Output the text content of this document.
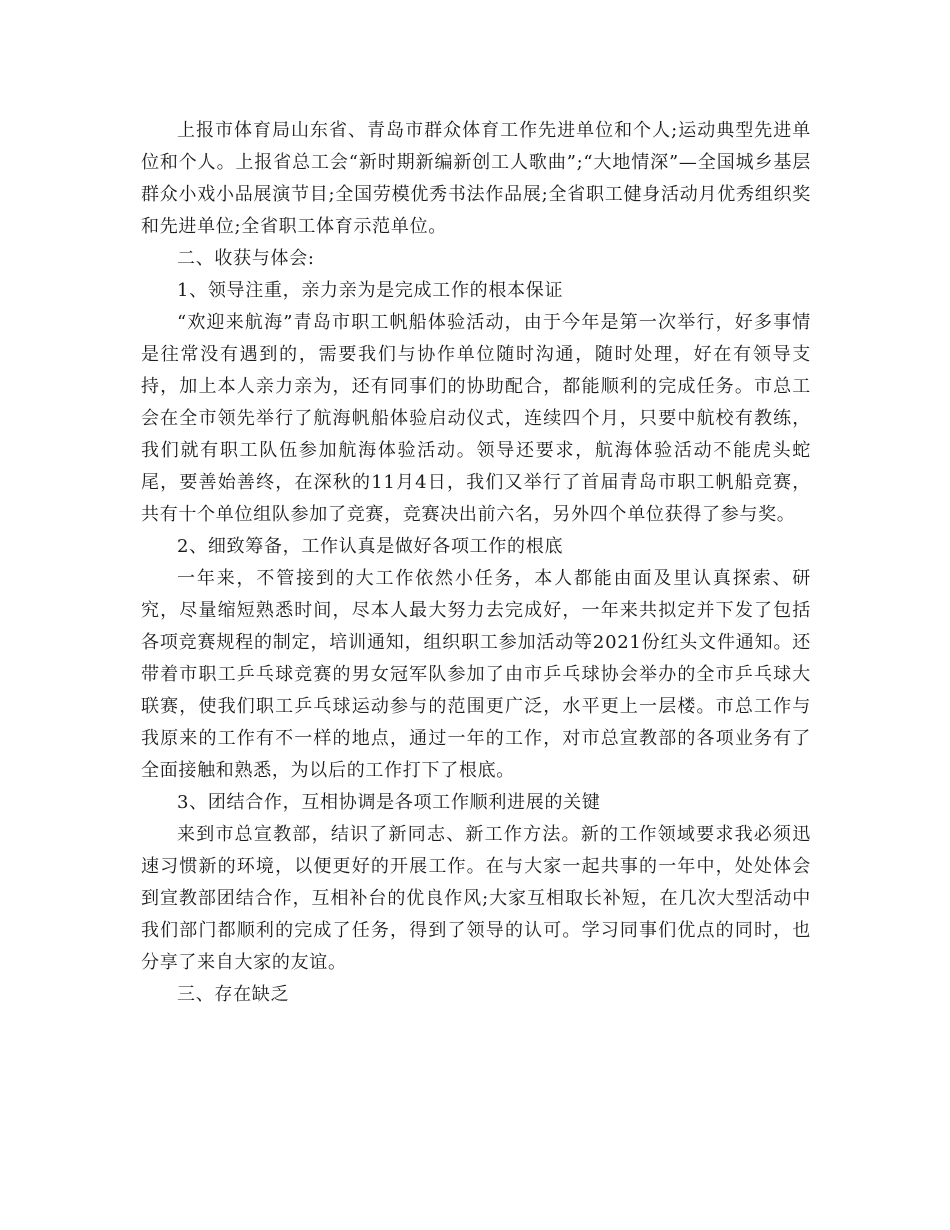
上报市体育局山东省、青岛市群众体育工作先进单位和个人;运动典型先进单位和个人。上报省总工会“新时期新编新创工人歌曲”;“大地情深”—全国城乡基层群众小戏小品展演节目;全国劳模优秀书法作品展;全省职工健身活动月优秀组织奖和先进单位;全省职工体育示范单位。

二、收获与体会:

1、领导注重，亲力亲为是完成工作的根本保证

“欢迎来航海”青岛市职工帆船体验活动，由于今年是第一次举行，好多事情是往常没有遇到的，需要我们与协作单位随时沟通，随时处理，好在有领导支持，加上本人亲力亲为，还有同事们的协助配合，都能顺利的完成任务。市总工会在全市领先举行了航海帆船体验启动仪式，连续四个月，只要中航校有教练，我们就有职工队伍参加航海体验活动。领导还要求，航海体验活动不能虎头蛇尾，要善始善终，在深秋的11月4日，我们又举行了首届青岛市职工帆船竞赛，共有十个单位组队参加了竞赛，竞赛决出前六名，另外四个单位获得了参与奖。

2、细致筹备，工作认真是做好各项工作的根底

一年来，不管接到的大工作依然小任务，本人都能由面及里认真探索、研究，尽量缩短熟悉时间，尽本人最大努力去完成好，一年来共拟定并下发了包括各项竞赛规程的制定，培训通知，组织职工参加活动等2021份红头文件通知。还带着市职工乒乓球竞赛的男女冠军队参加了由市乒乓球协会举办的全市乒乓球大联赛，使我们职工乒乓球运动参与的范围更广泛，水平更上一层楼。市总工作与我原来的工作有不一样的地点，通过一年的工作，对市总宣教部的各项业务有了全面接触和熟悉，为以后的工作打下了根底。

3、团结合作，互相协调是各项工作顺利进展的关键

来到市总宣教部，结识了新同志、新工作方法。新的工作领域要求我必须迅速习惯新的环境，以便更好的开展工作。在与大家一起共事的一年中，处处体会到宣教部团结合作，互相补台的优良作风;大家互相取长补短，在几次大型活动中我们部门都顺利的完成了任务，得到了领导的认可。学习同事们优点的同时，也分享了来自大家的友谊。

三、存在缺乏
